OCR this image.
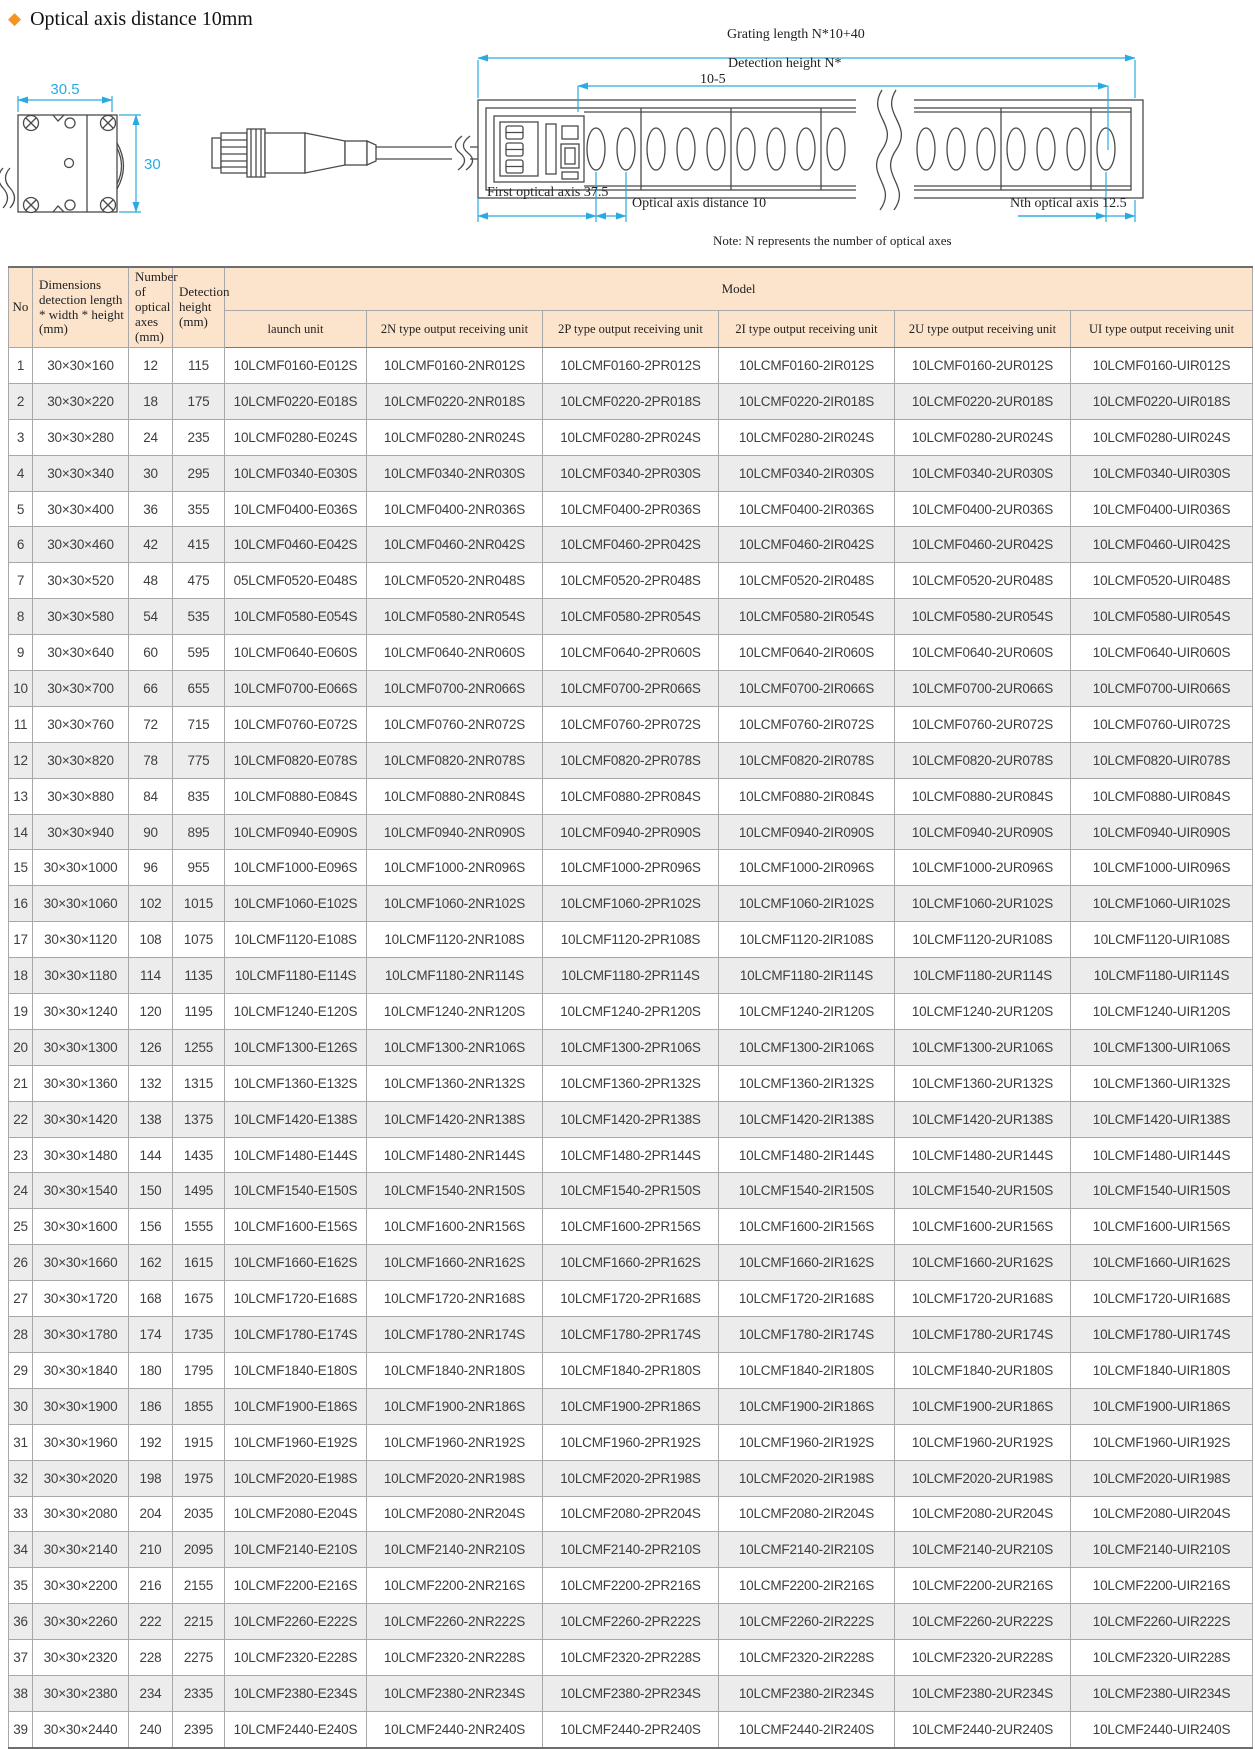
◆ Optical axis distance 10mm
30.5
30
Grating length N*10+40
Detection height N*
10-5
First optical axis 37.5
Optical axis distance 10	Nth optical axis 12.5
Note: N represents the number of optical axes
No	Dimensions detection length * width * height (mm)	Number of optical axes (mm)	Detection height (mm)	Model					
				launch unit	2N type output receiving unit	2P type output receiving unit	2I type output receiving unit	2U type output receiving unit	UI type output receiving unit
1	30×30×160	12	115	10LCMF0160-E012S	10LCMF0160-2NR012S	10LCMF0160-2PR012S	10LCMF0160-2IR012S	10LCMF0160-2UR012S	10LCMF0160-UIR012S
2	30×30×220	18	175	10LCMF0220-E018S	10LCMF0220-2NR018S	10LCMF0220-2PR018S	10LCMF0220-2IR018S	10LCMF0220-2UR018S	10LCMF0220-UIR018S
3	30×30×280	24	235	10LCMF0280-E024S	10LCMF0280-2NR024S	10LCMF0280-2PR024S	10LCMF0280-2IR024S	10LCMF0280-2UR024S	10LCMF0280-UIR024S
4	30×30×340	30	295	10LCMF0340-E030S	10LCMF0340-2NR030S	10LCMF0340-2PR030S	10LCMF0340-2IR030S	10LCMF0340-2UR030S	10LCMF0340-UIR030S
5	30×30×400	36	355	10LCMF0400-E036S	10LCMF0400-2NR036S	10LCMF0400-2PR036S	10LCMF0400-2IR036S	10LCMF0400-2UR036S	10LCMF0400-UIR036S
6	30×30×460	42	415	10LCMF0460-E042S	10LCMF0460-2NR042S	10LCMF0460-2PR042S	10LCMF0460-2IR042S	10LCMF0460-2UR042S	10LCMF0460-UIR042S
7	30×30×520	48	475	05LCMF0520-E048S	10LCMF0520-2NR048S	10LCMF0520-2PR048S	10LCMF0520-2IR048S	10LCMF0520-2UR048S	10LCMF0520-UIR048S
8	30×30×580	54	535	10LCMF0580-E054S	10LCMF0580-2NR054S	10LCMF0580-2PR054S	10LCMF0580-2IR054S	10LCMF0580-2UR054S	10LCMF0580-UIR054S
9	30×30×640	60	595	10LCMF0640-E060S	10LCMF0640-2NR060S	10LCMF0640-2PR060S	10LCMF0640-2IR060S	10LCMF0640-2UR060S	10LCMF0640-UIR060S
10	30×30×700	66	655	10LCMF0700-E066S	10LCMF0700-2NR066S	10LCMF0700-2PR066S	10LCMF0700-2IR066S	10LCMF0700-2UR066S	10LCMF0700-UIR066S
11	30×30×760	72	715	10LCMF0760-E072S	10LCMF0760-2NR072S	10LCMF0760-2PR072S	10LCMF0760-2IR072S	10LCMF0760-2UR072S	10LCMF0760-UIR072S
12	30×30×820	78	775	10LCMF0820-E078S	10LCMF0820-2NR078S	10LCMF0820-2PR078S	10LCMF0820-2IR078S	10LCMF0820-2UR078S	10LCMF0820-UIR078S
13	30×30×880	84	835	10LCMF0880-E084S	10LCMF0880-2NR084S	10LCMF0880-2PR084S	10LCMF0880-2IR084S	10LCMF0880-2UR084S	10LCMF0880-UIR084S
14	30×30×940	90	895	10LCMF0940-E090S	10LCMF0940-2NR090S	10LCMF0940-2PR090S	10LCMF0940-2IR090S	10LCMF0940-2UR090S	10LCMF0940-UIR090S
15	30×30×1000	96	955	10LCMF1000-E096S	10LCMF1000-2NR096S	10LCMF1000-2PR096S	10LCMF1000-2IR096S	10LCMF1000-2UR096S	10LCMF1000-UIR096S
16	30×30×1060	102	1015	10LCMF1060-E102S	10LCMF1060-2NR102S	10LCMF1060-2PR102S	10LCMF1060-2IR102S	10LCMF1060-2UR102S	10LCMF1060-UIR102S
17	30×30×1120	108	1075	10LCMF1120-E108S	10LCMF1120-2NR108S	10LCMF1120-2PR108S	10LCMF1120-2IR108S	10LCMF1120-2UR108S	10LCMF1120-UIR108S
18	30×30×1180	114	1135	10LCMF1180-E114S	10LCMF1180-2NR114S	10LCMF1180-2PR114S	10LCMF1180-2IR114S	10LCMF1180-2UR114S	10LCMF1180-UIR114S
19	30×30×1240	120	1195	10LCMF1240-E120S	10LCMF1240-2NR120S	10LCMF1240-2PR120S	10LCMF1240-2IR120S	10LCMF1240-2UR120S	10LCMF1240-UIR120S
20	30×30×1300	126	1255	10LCMF1300-E126S	10LCMF1300-2NR106S	10LCMF1300-2PR106S	10LCMF1300-2IR106S	10LCMF1300-2UR106S	10LCMF1300-UIR106S
21	30×30×1360	132	1315	10LCMF1360-E132S	10LCMF1360-2NR132S	10LCMF1360-2PR132S	10LCMF1360-2IR132S	10LCMF1360-2UR132S	10LCMF1360-UIR132S
22	30×30×1420	138	1375	10LCMF1420-E138S	10LCMF1420-2NR138S	10LCMF1420-2PR138S	10LCMF1420-2IR138S	10LCMF1420-2UR138S	10LCMF1420-UIR138S
23	30×30×1480	144	1435	10LCMF1480-E144S	10LCMF1480-2NR144S	10LCMF1480-2PR144S	10LCMF1480-2IR144S	10LCMF1480-2UR144S	10LCMF1480-UIR144S
24	30×30×1540	150	1495	10LCMF1540-E150S	10LCMF1540-2NR150S	10LCMF1540-2PR150S	10LCMF1540-2IR150S	10LCMF1540-2UR150S	10LCMF1540-UIR150S
25	30×30×1600	156	1555	10LCMF1600-E156S	10LCMF1600-2NR156S	10LCMF1600-2PR156S	10LCMF1600-2IR156S	10LCMF1600-2UR156S	10LCMF1600-UIR156S
26	30×30×1660	162	1615	10LCMF1660-E162S	10LCMF1660-2NR162S	10LCMF1660-2PR162S	10LCMF1660-2IR162S	10LCMF1660-2UR162S	10LCMF1660-UIR162S
27	30×30×1720	168	1675	10LCMF1720-E168S	10LCMF1720-2NR168S	10LCMF1720-2PR168S	10LCMF1720-2IR168S	10LCMF1720-2UR168S	10LCMF1720-UIR168S
28	30×30×1780	174	1735	10LCMF1780-E174S	10LCMF1780-2NR174S	10LCMF1780-2PR174S	10LCMF1780-2IR174S	10LCMF1780-2UR174S	10LCMF1780-UIR174S
29	30×30×1840	180	1795	10LCMF1840-E180S	10LCMF1840-2NR180S	10LCMF1840-2PR180S	10LCMF1840-2IR180S	10LCMF1840-2UR180S	10LCMF1840-UIR180S
30	30×30×1900	186	1855	10LCMF1900-E186S	10LCMF1900-2NR186S	10LCMF1900-2PR186S	10LCMF1900-2IR186S	10LCMF1900-2UR186S	10LCMF1900-UIR186S
31	30×30×1960	192	1915	10LCMF1960-E192S	10LCMF1960-2NR192S	10LCMF1960-2PR192S	10LCMF1960-2IR192S	10LCMF1960-2UR192S	10LCMF1960-UIR192S
32	30×30×2020	198	1975	10LCMF2020-E198S	10LCMF2020-2NR198S	10LCMF2020-2PR198S	10LCMF2020-2IR198S	10LCMF2020-2UR198S	10LCMF2020-UIR198S
33	30×30×2080	204	2035	10LCMF2080-E204S	10LCMF2080-2NR204S	10LCMF2080-2PR204S	10LCMF2080-2IR204S	10LCMF2080-2UR204S	10LCMF2080-UIR204S
34	30×30×2140	210	2095	10LCMF2140-E210S	10LCMF2140-2NR210S	10LCMF2140-2PR210S	10LCMF2140-2IR210S	10LCMF2140-2UR210S	10LCMF2140-UIR210S
35	30×30×2200	216	2155	10LCMF2200-E216S	10LCMF2200-2NR216S	10LCMF2200-2PR216S	10LCMF2200-2IR216S	10LCMF2200-2UR216S	10LCMF2200-UIR216S
36	30×30×2260	222	2215	10LCMF2260-E222S	10LCMF2260-2NR222S	10LCMF2260-2PR222S	10LCMF2260-2IR222S	10LCMF2260-2UR222S	10LCMF2260-UIR222S
37	30×30×2320	228	2275	10LCMF2320-E228S	10LCMF2320-2NR228S	10LCMF2320-2PR228S	10LCMF2320-2IR228S	10LCMF2320-2UR228S	10LCMF2320-UIR228S
38	30×30×2380	234	2335	10LCMF2380-E234S	10LCMF2380-2NR234S	10LCMF2380-2PR234S	10LCMF2380-2IR234S	10LCMF2380-2UR234S	10LCMF2380-UIR234S
39	30×30×2440	240	2395	10LCMF2440-E240S	10LCMF2440-2NR240S	10LCMF2440-2PR240S	10LCMF2440-2IR240S	10LCMF2440-2UR240S	10LCMF2440-UIR240S
